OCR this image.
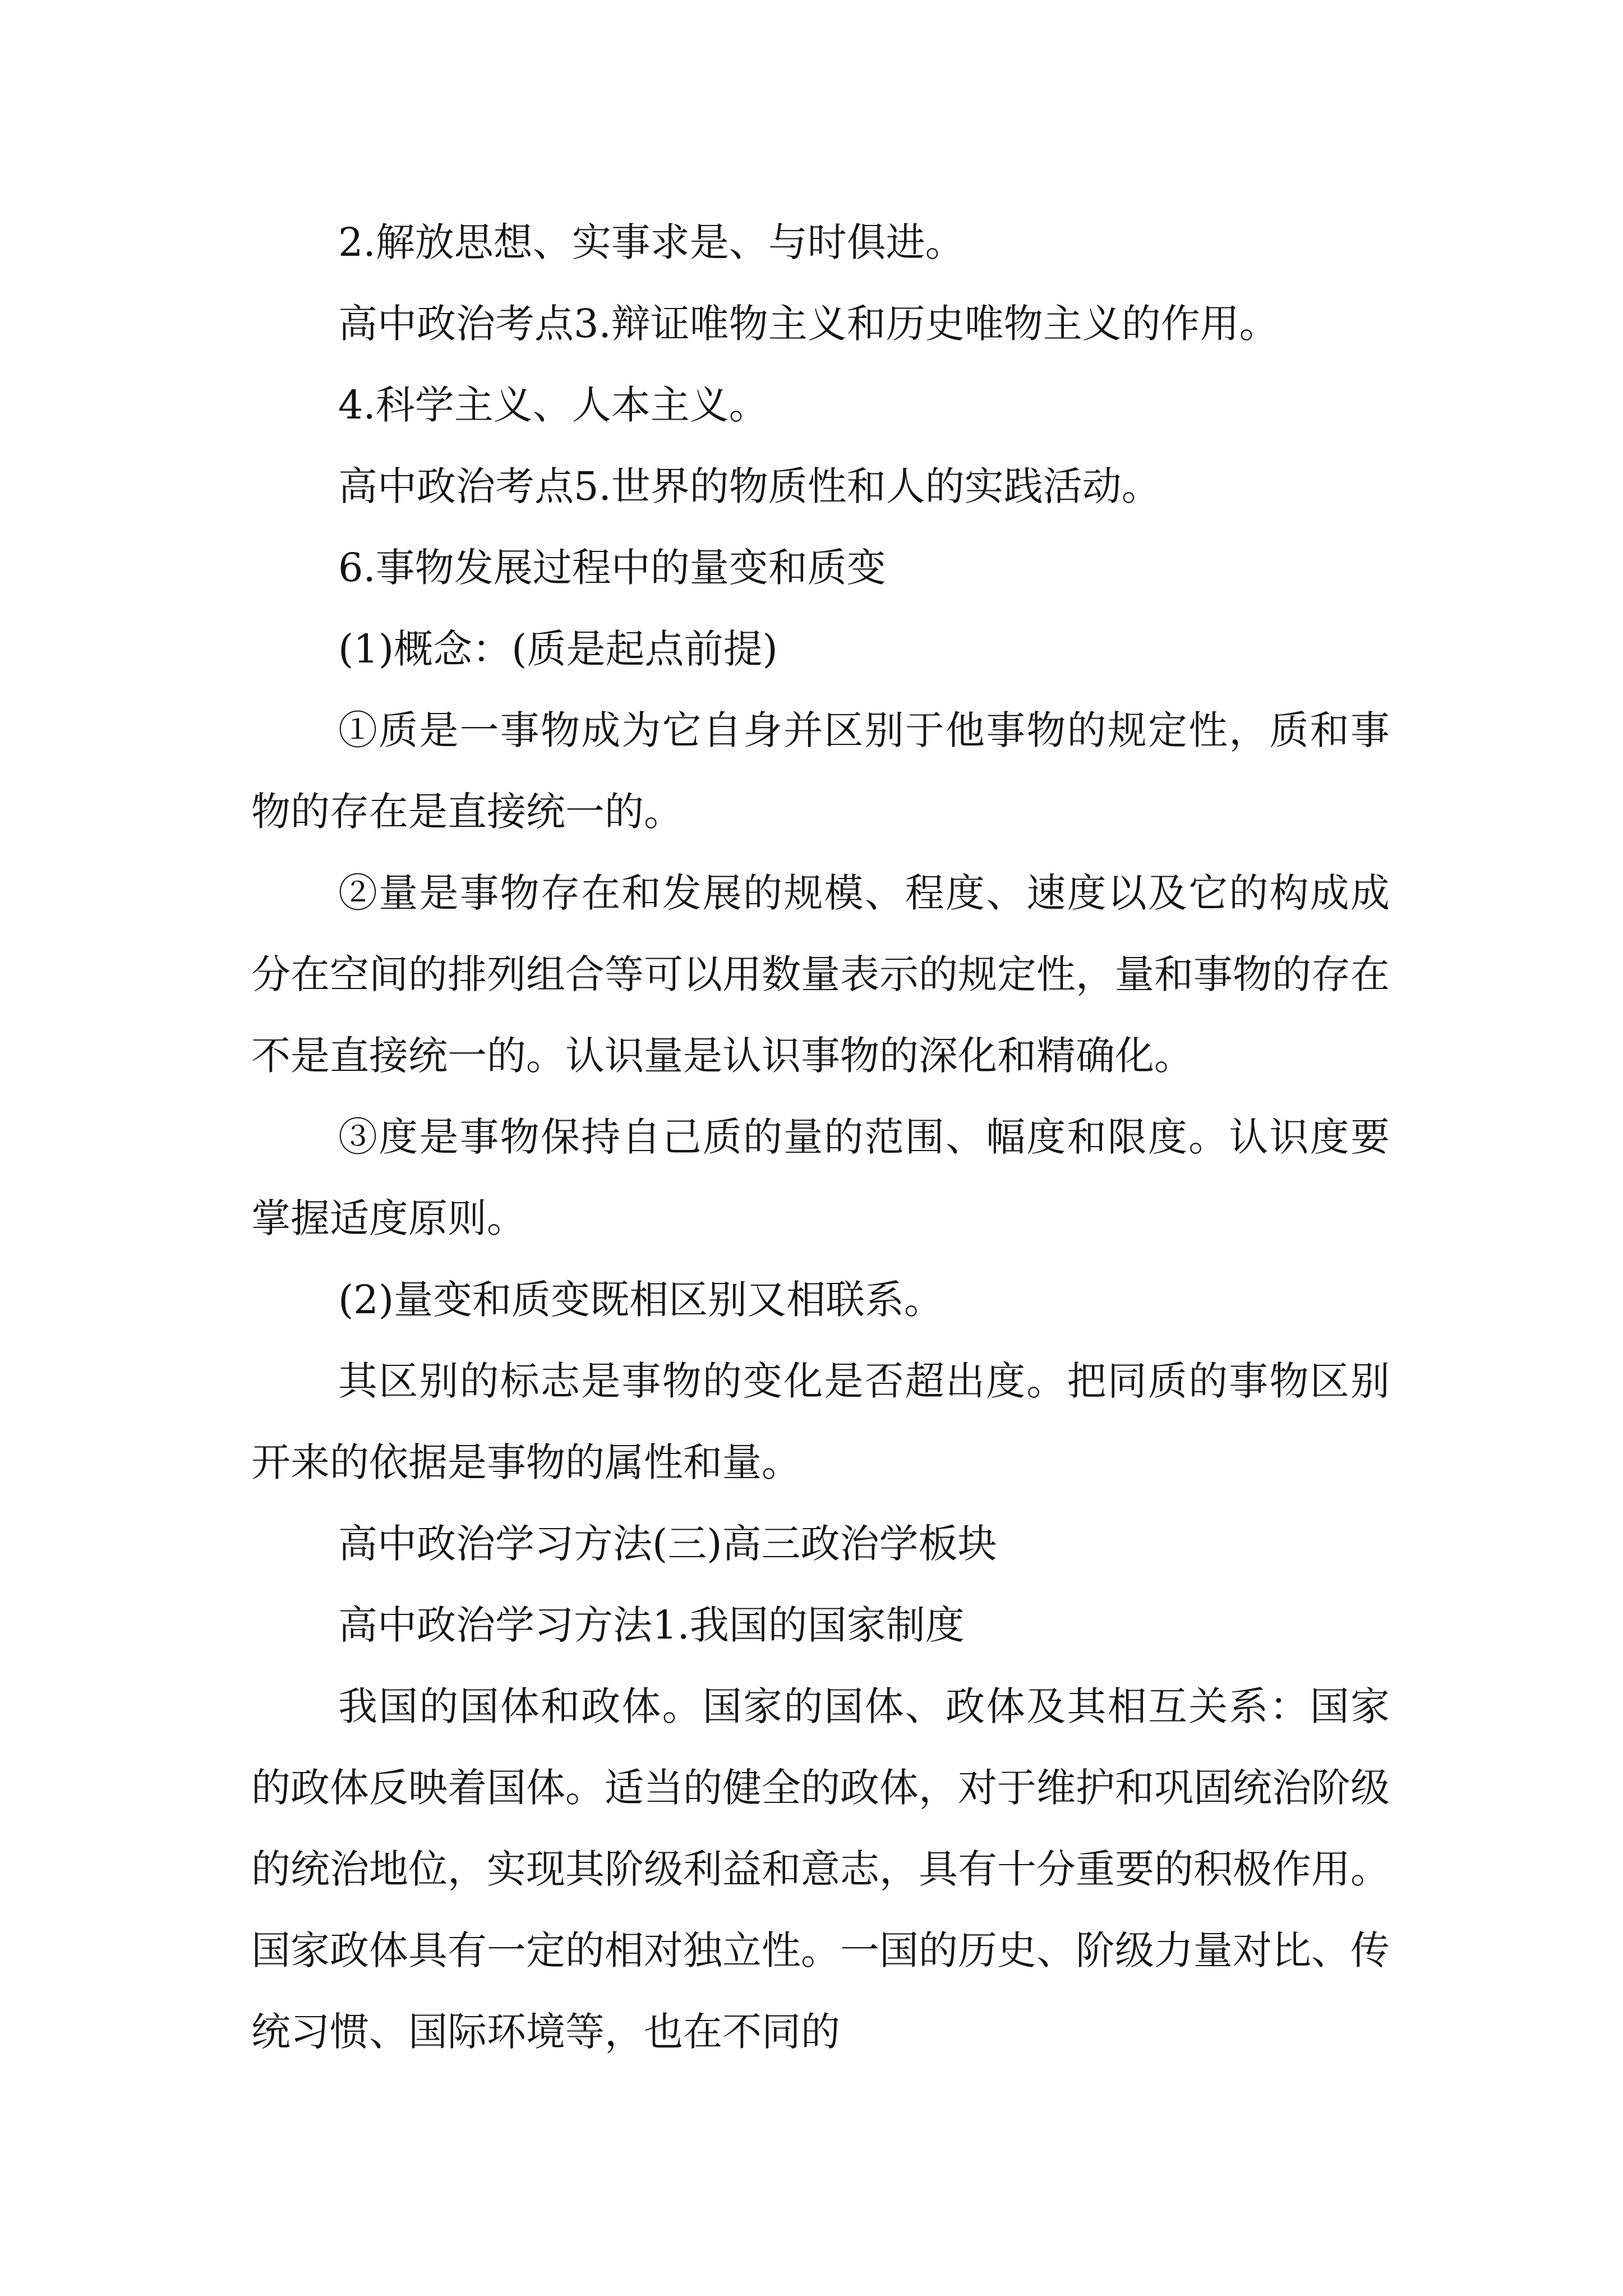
2.解放思想、实事求是、与时俱进。

高中政治考点3.辩证唯物主义和历史唯物主义的作用。

4.科学主义、人本主义。

高中政治考点5.世界的物质性和人的实践活动。

6.事物发展过程中的量变和质变

(1)概念：(质是起点前提)

①质是一事物成为它自身并区别于他事物的规定性，质和事物的存在是直接统一的。

②量是事物存在和发展的规模、程度、速度以及它的构成成分在空间的排列组合等可以用数量表示的规定性，量和事物的存在不是直接统一的。认识量是认识事物的深化和精确化。

③度是事物保持自己质的量的范围、幅度和限度。认识度要掌握适度原则。

(2)量变和质变既相区别又相联系。

其区别的标志是事物的变化是否超出度。把同质的事物区别开来的依据是事物的属性和量。

高中政治学习方法(三)高三政治学板块

高中政治学习方法1.我国的国家制度

我国的国体和政体。国家的国体、政体及其相互关系：国家的政体反映着国体。适当的健全的政体，对于维护和巩固统治阶级的统治地位，实现其阶级利益和意志，具有十分重要的积极作用。国家政体具有一定的相对独立性。一国的历史、阶级力量对比、传统习惯、国际环境等，也在不同的
